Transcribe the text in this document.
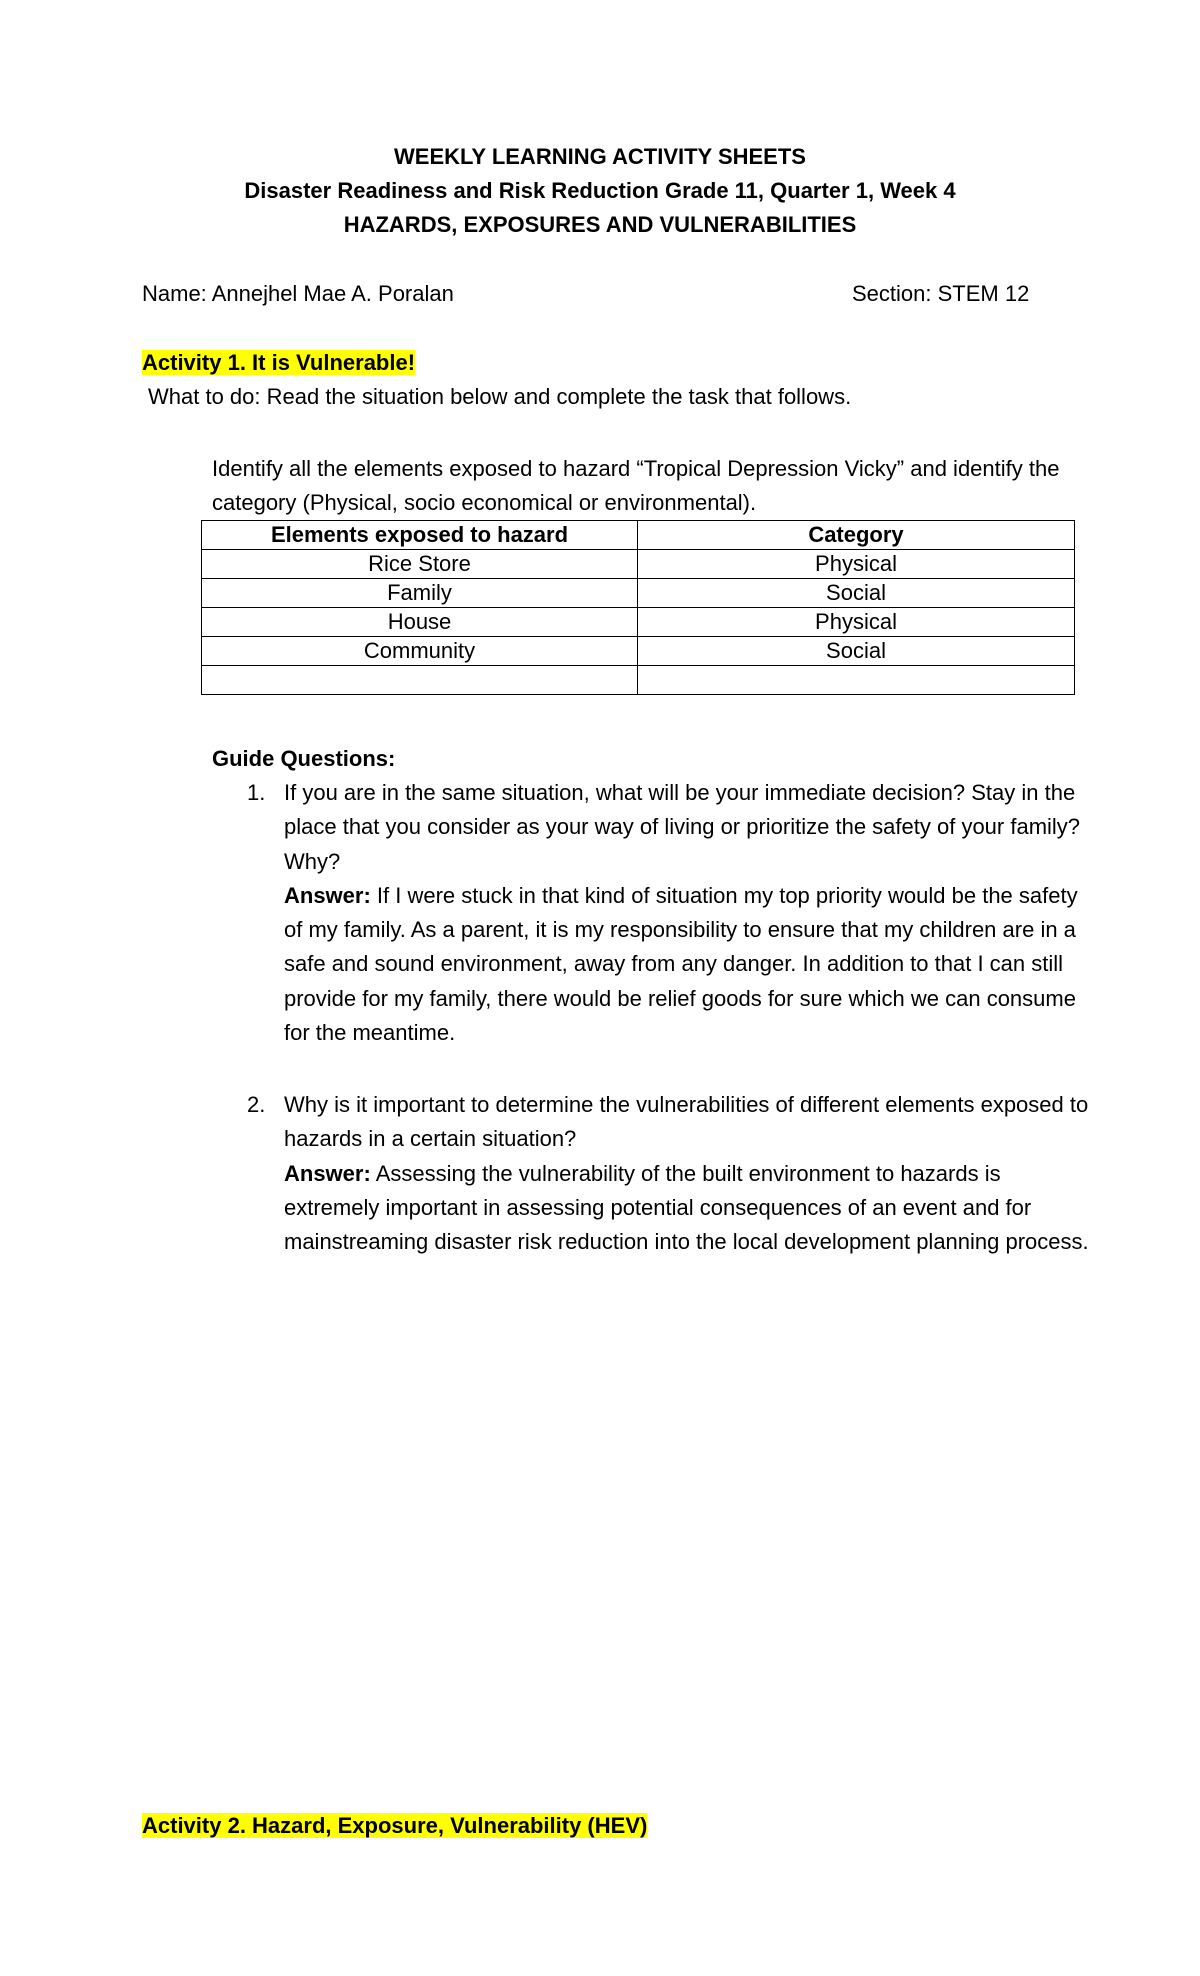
WEEKLY LEARNING ACTIVITY SHEETS
Disaster Readiness and Risk Reduction Grade 11, Quarter 1, Week 4
HAZARDS, EXPOSURES AND VULNERABILITIES
Name: Annejhel Mae A. Poralan	Section: STEM 12
Activity 1. It is Vulnerable!
What to do: Read the situation below and complete the task that follows.
Identify all the elements exposed to hazard “Tropical Depression Vicky” and identify the category (Physical, socio economical or environmental).
Elements exposed to hazard	Category
Rice Store	Physical
Family	Social
House	Physical
Community	Social

Guide Questions:
1. If you are in the same situation, what will be your immediate decision? Stay in the place that you consider as your way of living or prioritize the safety of your family? Why?
Answer: If I were stuck in that kind of situation my top priority would be the safety of my family. As a parent, it is my responsibility to ensure that my children are in a safe and sound environment, away from any danger. In addition to that I can still provide for my family, there would be relief goods for sure which we can consume for the meantime.
2. Why is it important to determine the vulnerabilities of different elements exposed to hazards in a certain situation?
Answer: Assessing the vulnerability of the built environment to hazards is extremely important in assessing potential consequences of an event and for mainstreaming disaster risk reduction into the local development planning process.
Activity 2. Hazard, Exposure, Vulnerability (HEV)
